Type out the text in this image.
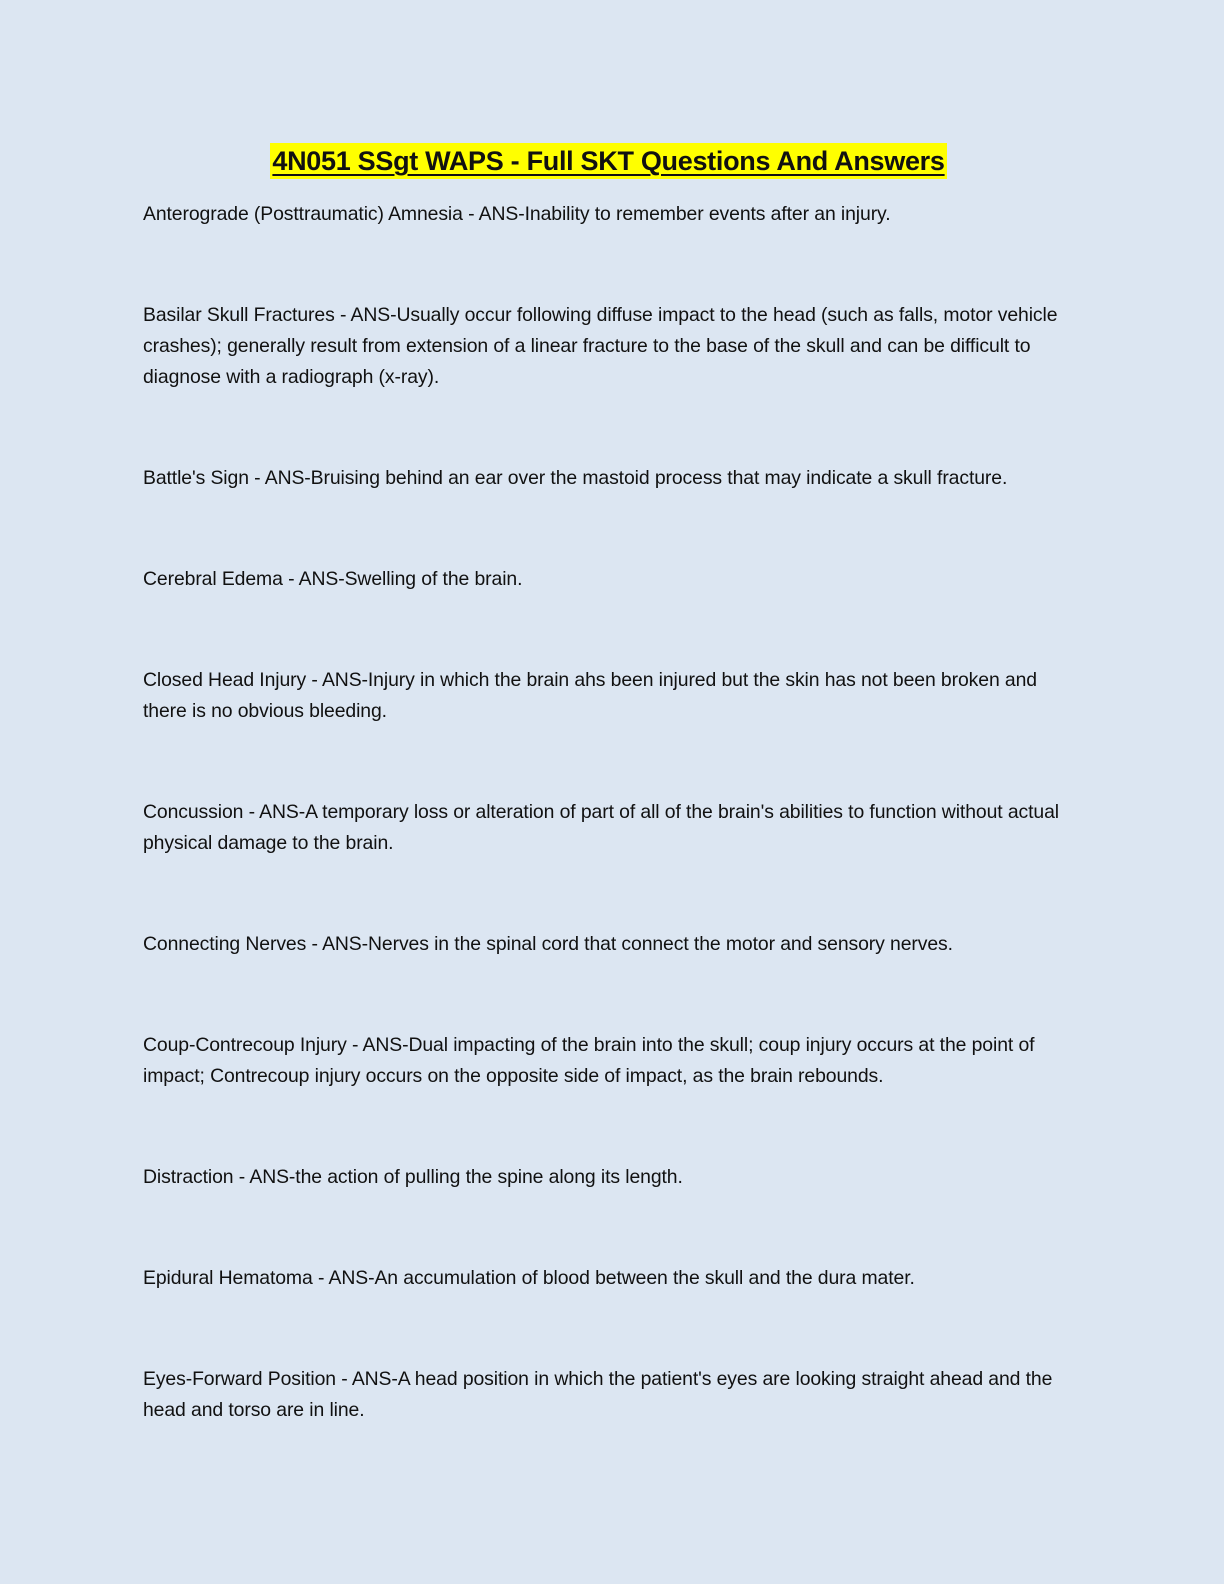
4N051 SSgt WAPS - Full SKT Questions And Answers
Anterograde (Posttraumatic) Amnesia - ANS-Inability to remember events after an injury.
Basilar Skull Fractures - ANS-Usually occur following diffuse impact to the head (such as falls, motor vehicle crashes); generally result from extension of a linear fracture to the base of the skull and can be difficult to diagnose with a radiograph (x-ray).
Battle's Sign - ANS-Bruising behind an ear over the mastoid process that may indicate a skull fracture.
Cerebral Edema - ANS-Swelling of the brain.
Closed Head Injury - ANS-Injury in which the brain ahs been injured but the skin has not been broken and there is no obvious bleeding.
Concussion - ANS-A temporary loss or alteration of part of all of the brain's abilities to function without actual physical damage to the brain.
Connecting Nerves - ANS-Nerves in the spinal cord that connect the motor and sensory nerves.
Coup-Contrecoup Injury - ANS-Dual impacting of the brain into the skull; coup injury occurs at the point of impact; Contrecoup injury occurs on the opposite side of impact, as the brain rebounds.
Distraction - ANS-the action of pulling the spine along its length.
Epidural Hematoma - ANS-An accumulation of blood between the skull and the dura mater.
Eyes-Forward Position - ANS-A head position in which the patient's eyes are looking straight ahead and the head and torso are in line.
